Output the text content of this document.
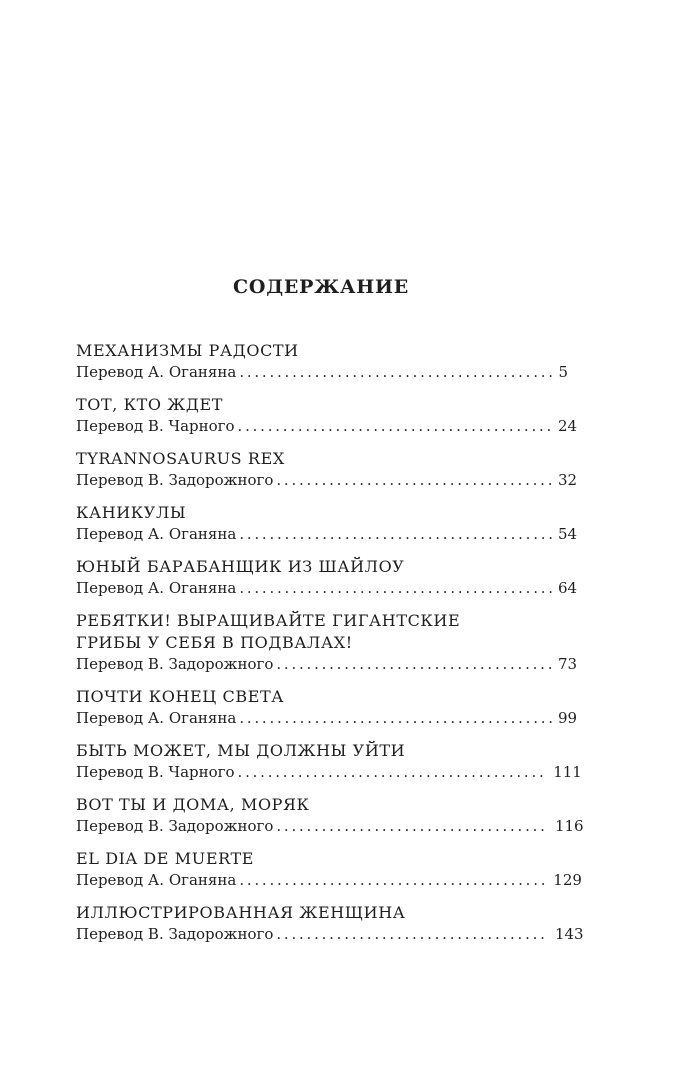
СОДЕРЖАНИЕ
МЕХАНИЗМЫ РАДОСТИ
Перевод А. Оганяна . . .	5
ТОТ, КТО ЖДЕТ
Перевод В. Чарного . . .	24
TYRANNOSAURUS REX
Перевод В. Задорожного . . .	32
КАНИКУЛЫ
Перевод А. Оганяна . . .	54
ЮНЫЙ БАРАБАНЩИК ИЗ ШАЙЛОУ
Перевод А. Оганяна . . .	64
РЕБЯТКИ! ВЫРАЩИВАЙТЕ ГИГАНТСКИЕ
ГРИБЫ У СЕБЯ В ПОДВАЛАХ!
Перевод В. Задорожного . . .	73
ПОЧТИ КОНЕЦ СВЕТА
Перевод А. Оганяна . . .	99
БЫТЬ МОЖЕТ, МЫ ДОЛЖНЫ УЙТИ
Перевод В. Чарного . . .	111
ВОТ ТЫ И ДОМА, МОРЯК
Перевод В. Задорожного . . .	116
EL DIA DE MUERTE
Перевод А. Оганяна . . .	129
ИЛЛЮСТРИРОВАННАЯ ЖЕНЩИНА
Перевод В. Задорожного . . .	143
